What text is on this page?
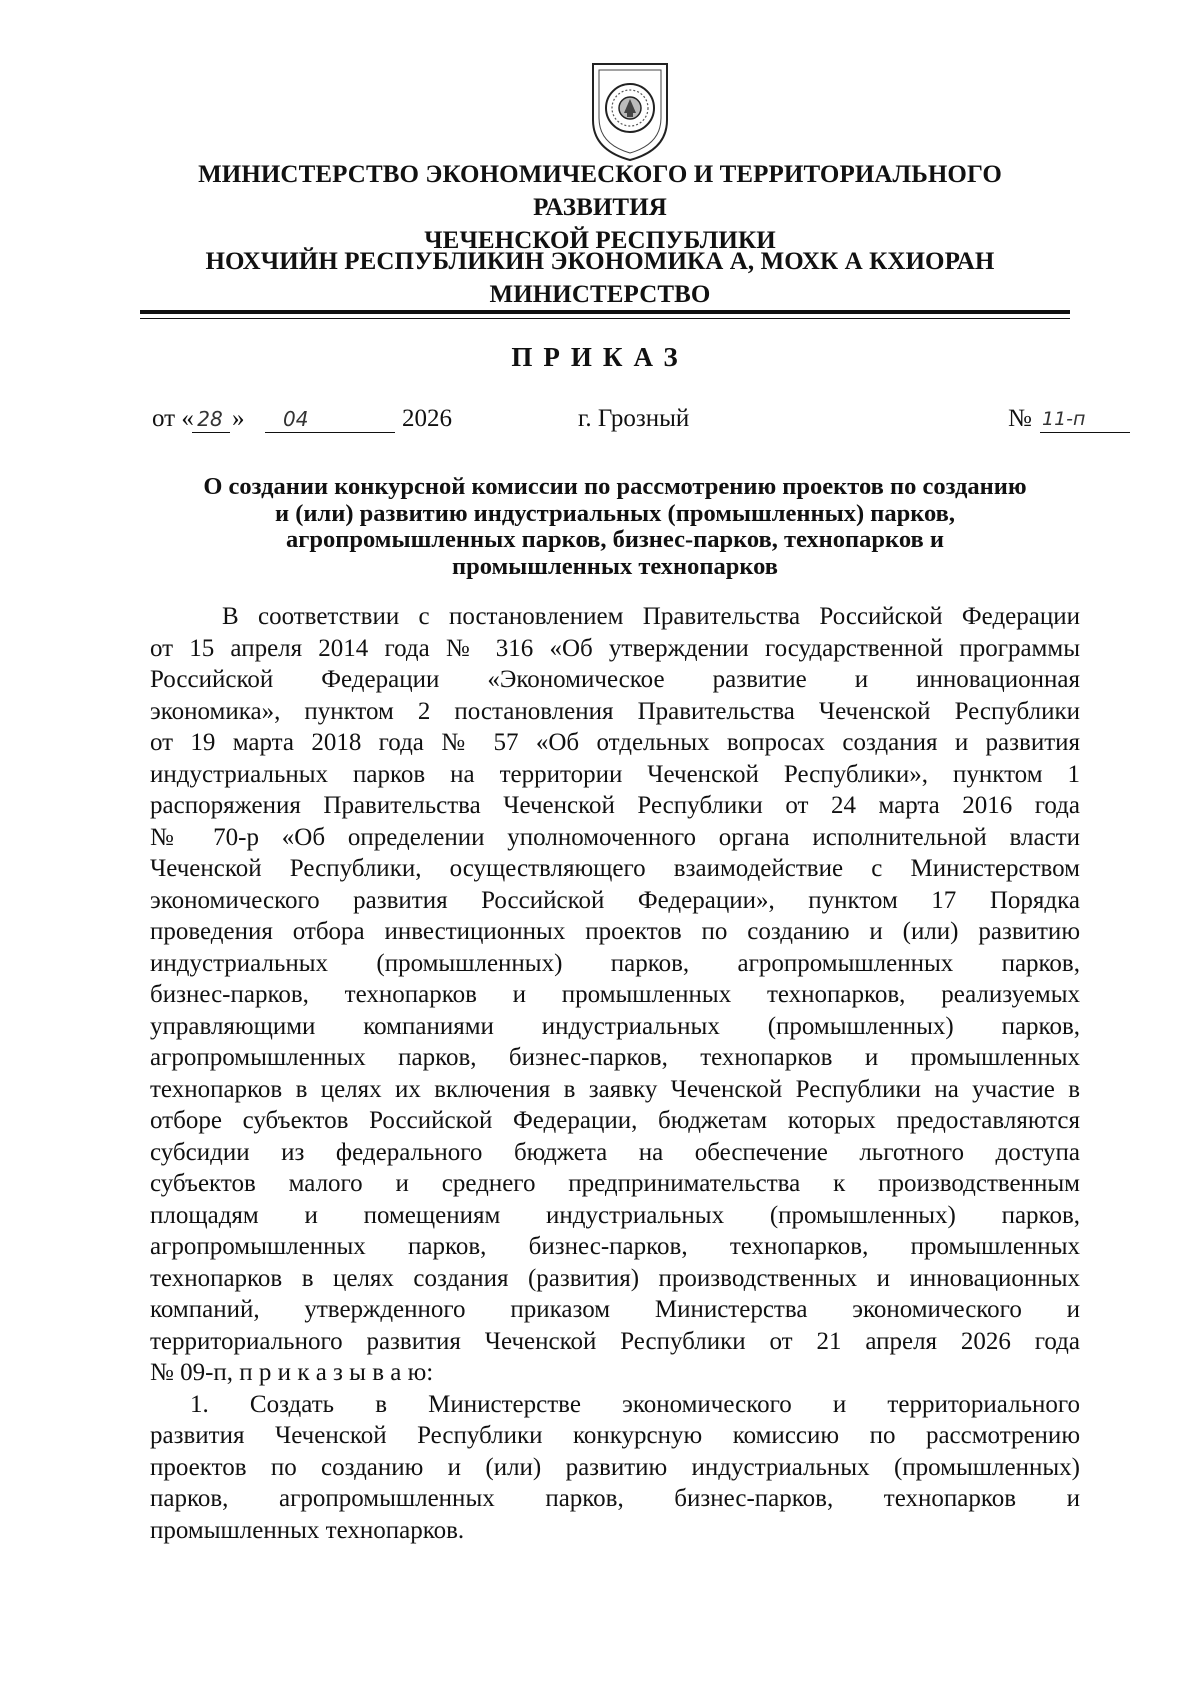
МИНИСТЕРСТВО ЭКОНОМИЧЕСКОГО И ТЕРРИТОРИАЛЬНОГО РАЗВИТИЯ
ЧЕЧЕНСКОЙ РЕСПУБЛИКИ
НОХЧИЙН РЕСПУБЛИКИН ЭКОНОМИКА А, МОХК А КХИОРАН
МИНИСТЕРСТВО
ПРИКАЗ
от « 28 »	04	2026	г. Грозный	№ 11-п
О создании конкурсной комиссии по рассмотрению проектов по созданию
и (или) развитию индустриальных (промышленных) парков,
агропромышленных парков, бизнес-парков, технопарков и
промышленных технопарков
В соответствии с постановлением Правительства Российской Федерации
от 15 апреля 2014 года № 316 «Об утверждении государственной программы
Российской Федерации «Экономическое развитие и инновационная
экономика», пунктом 2 постановления Правительства Чеченской Республики
от 19 марта 2018 года № 57 «Об отдельных вопросах создания и развития
индустриальных парков на территории Чеченской Республики», пунктом 1
распоряжения Правительства Чеченской Республики от 24 марта 2016 года
№ 70-р «Об определении уполномоченного органа исполнительной власти
Чеченской Республики, осуществляющего взаимодействие с Министерством
экономического развития Российской Федерации», пунктом 17 Порядка
проведения отбора инвестиционных проектов по созданию и (или) развитию
индустриальных (промышленных) парков, агропромышленных парков,
бизнес-парков, технопарков и промышленных технопарков, реализуемых
управляющими компаниями индустриальных (промышленных) парков,
агропромышленных парков, бизнес-парков, технопарков и промышленных
технопарков в целях их включения в заявку Чеченской Республики на участие в
отборе субъектов Российской Федерации, бюджетам которых предоставляются
субсидии из федерального бюджета на обеспечение льготного доступа
субъектов малого и среднего предпринимательства к производственным
площадям и помещениям индустриальных (промышленных) парков,
агропромышленных парков, бизнес-парков, технопарков, промышленных
технопарков в целях создания (развития) производственных и инновационных
компаний, утвержденного приказом Министерства экономического и
территориального развития Чеченской Республики от 21 апреля 2026 года
№ 09-п, п р и к а з ы в а ю:
1. Создать в Министерстве экономического и территориального
развития Чеченской Республики конкурсную комиссию по рассмотрению
проектов по созданию и (или) развитию индустриальных (промышленных)
парков, агропромышленных парков, бизнес-парков, технопарков и
промышленных технопарков.
